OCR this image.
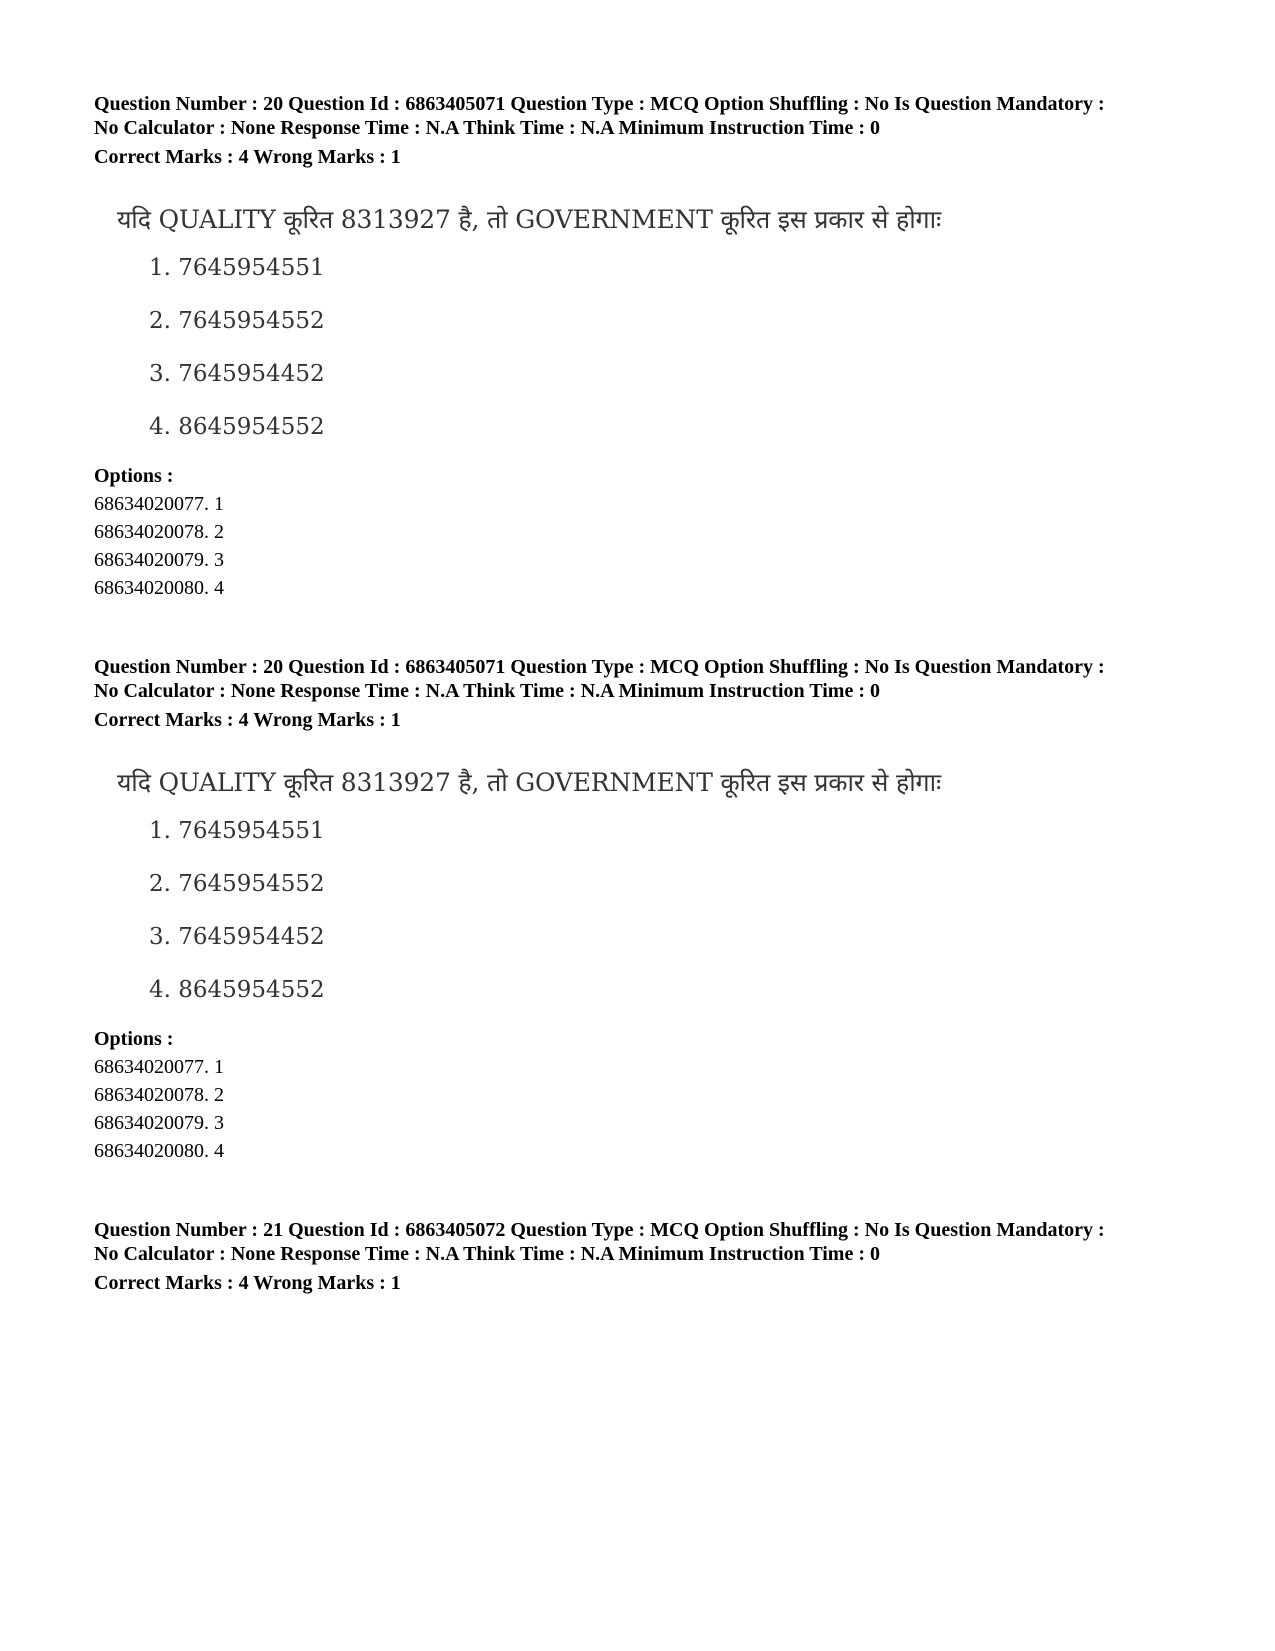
Question Number : 20 Question Id : 6863405071 Question Type : MCQ Option Shuffling : No Is Question Mandatory :
No Calculator : None Response Time : N.A Think Time : N.A Minimum Instruction Time : 0
Correct Marks : 4 Wrong Marks : 1
यदि QUALITY कूरित 8313927 है, तो GOVERNMENT कूरित इस प्रकार से होगाः
1. 7645954551
2. 7645954552
3. 7645954452
4. 8645954552
Options :
68634020077. 1
68634020078. 2
68634020079. 3
68634020080. 4
Question Number : 20 Question Id : 6863405071 Question Type : MCQ Option Shuffling : No Is Question Mandatory :
No Calculator : None Response Time : N.A Think Time : N.A Minimum Instruction Time : 0
Correct Marks : 4 Wrong Marks : 1
यदि QUALITY कूरित 8313927 है, तो GOVERNMENT कूरित इस प्रकार से होगाः
1. 7645954551
2. 7645954552
3. 7645954452
4. 8645954552
Options :
68634020077. 1
68634020078. 2
68634020079. 3
68634020080. 4
Question Number : 21 Question Id : 6863405072 Question Type : MCQ Option Shuffling : No Is Question Mandatory :
No Calculator : None Response Time : N.A Think Time : N.A Minimum Instruction Time : 0
Correct Marks : 4 Wrong Marks : 1
